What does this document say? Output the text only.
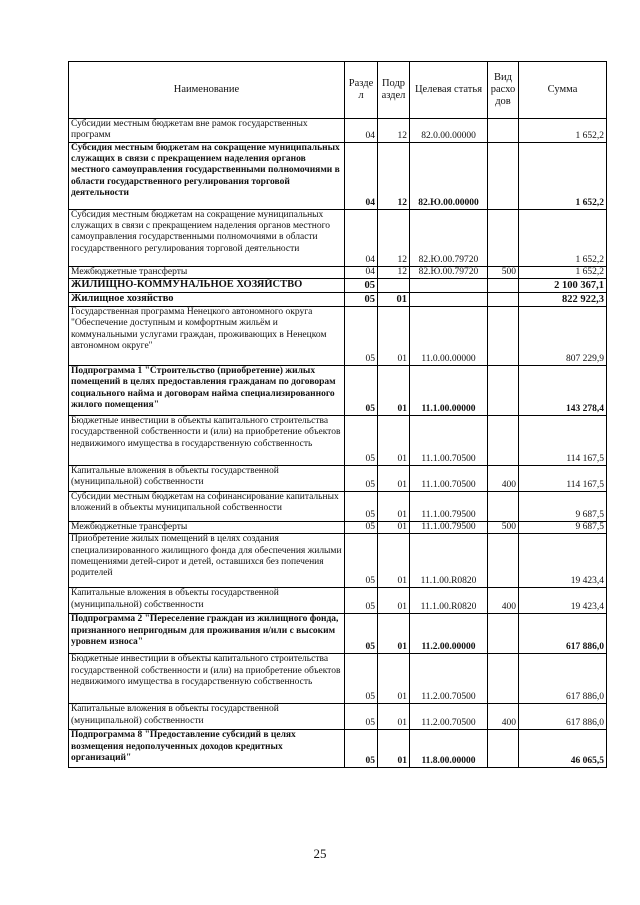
Наименование	Разде л	Подр аздел	Целевая статья	Вид расхо дов	Сумма
Субсидии местным бюджетам вне рамок государственных программ	04	12	82.0.00.00000		1 652,2
Субсидия местным бюджетам на сокращение муниципальных служащих в связи с прекращением наделения органов местного самоуправления государственными полномочиями в области государственного регулирования торговой деятельности	04	12	82.Ю.00.00000		1 652,2
Субсидия местным бюджетам на сокращение муниципальных служащих в связи с прекращением наделения органов местного самоуправления государственными полномочиями в области государственного регулирования торговой деятельности	04	12	82.Ю.00.79720		1 652,2
Межбюджетные трансферты	04	12	82.Ю.00.79720	500	1 652,2
ЖИЛИЩНО-КОММУНАЛЬНОЕ ХОЗЯЙСТВО	05				2 100 367,1
Жилищное хозяйство	05	01			822 922,3
Государственная программа Ненецкого автономного округа "Обеспечение доступным и комфортным жильём и коммунальными услугами граждан, проживающих в Ненецком автономном округе"	05	01	11.0.00.00000		807 229,9
Подпрограмма 1 "Строительство (приобретение) жилых помещений в целях предоставления гражданам по договорам социального найма и договорам найма специализированного жилого помещения"	05	01	11.1.00.00000		143 278,4
Бюджетные инвестиции в объекты капитального строительства государственной собственности и (или) на приобретение объектов недвижимого имущества в государственную собственность	05	01	11.1.00.70500		114 167,5
Капитальные вложения в объекты государственной (муниципальной) собственности	05	01	11.1.00.70500	400	114 167,5
Субсидии местным бюджетам на софинансирование капитальных вложений в объекты муниципальной собственности	05	01	11.1.00.79500		9 687,5
Межбюджетные трансферты	05	01	11.1.00.79500	500	9 687,5
Приобретение жилых помещений в целях создания специализированного жилищного фонда для обеспечения жилыми помещениями детей-сирот и детей, оставшихся без попечения родителей	05	01	11.1.00.R0820		19 423,4
Капитальные вложения в объекты государственной (муниципальной) собственности	05	01	11.1.00.R0820	400	19 423,4
Подпрограмма 2 "Переселение граждан из жилищного фонда, признанного непригодным для проживания и/или с высоким уровнем износа"	05	01	11.2.00.00000		617 886,0
Бюджетные инвестиции в объекты капитального строительства государственной собственности и (или) на приобретение объектов недвижимого имущества в государственную собственность	05	01	11.2.00.70500		617 886,0
Капитальные вложения в объекты государственной (муниципальной) собственности	05	01	11.2.00.70500	400	617 886,0
Подпрограмма 8 "Предоставление субсидий в целях возмещения недополученных доходов кредитных организаций"	05	01	11.8.00.00000		46 065,5
25
